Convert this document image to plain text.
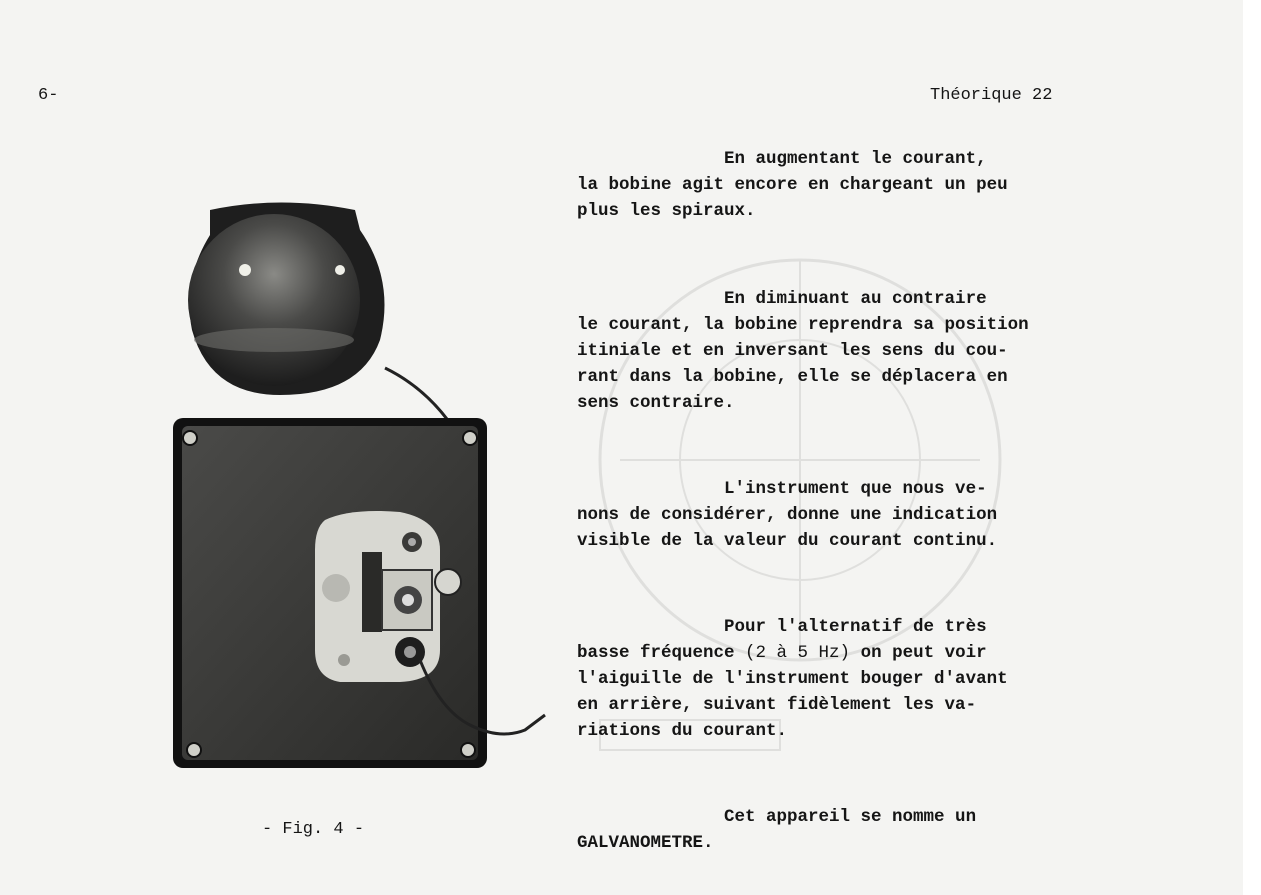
6-	Théorique 22
- Fig. 4 -
En augmentant le courant,
la bobine agit encore en chargeant un peu
plus les spiraux.
En diminuant au contraire
le courant, la bobine reprendra sa position
itiniale et en inversant les sens du cou-
rant dans la bobine, elle se déplacera en
sens contraire.
L'instrument que nous ve-
nons de considérer, donne une indication
visible de la valeur du courant continu.
Pour l'alternatif de très
basse fréquence (2 à 5 Hz) on peut voir
l'aiguille de l'instrument bouger d'avant
en arrière, suivant fidèlement les va-
riations du courant.
Cet appareil se nomme un
GALVANOMETRE.
